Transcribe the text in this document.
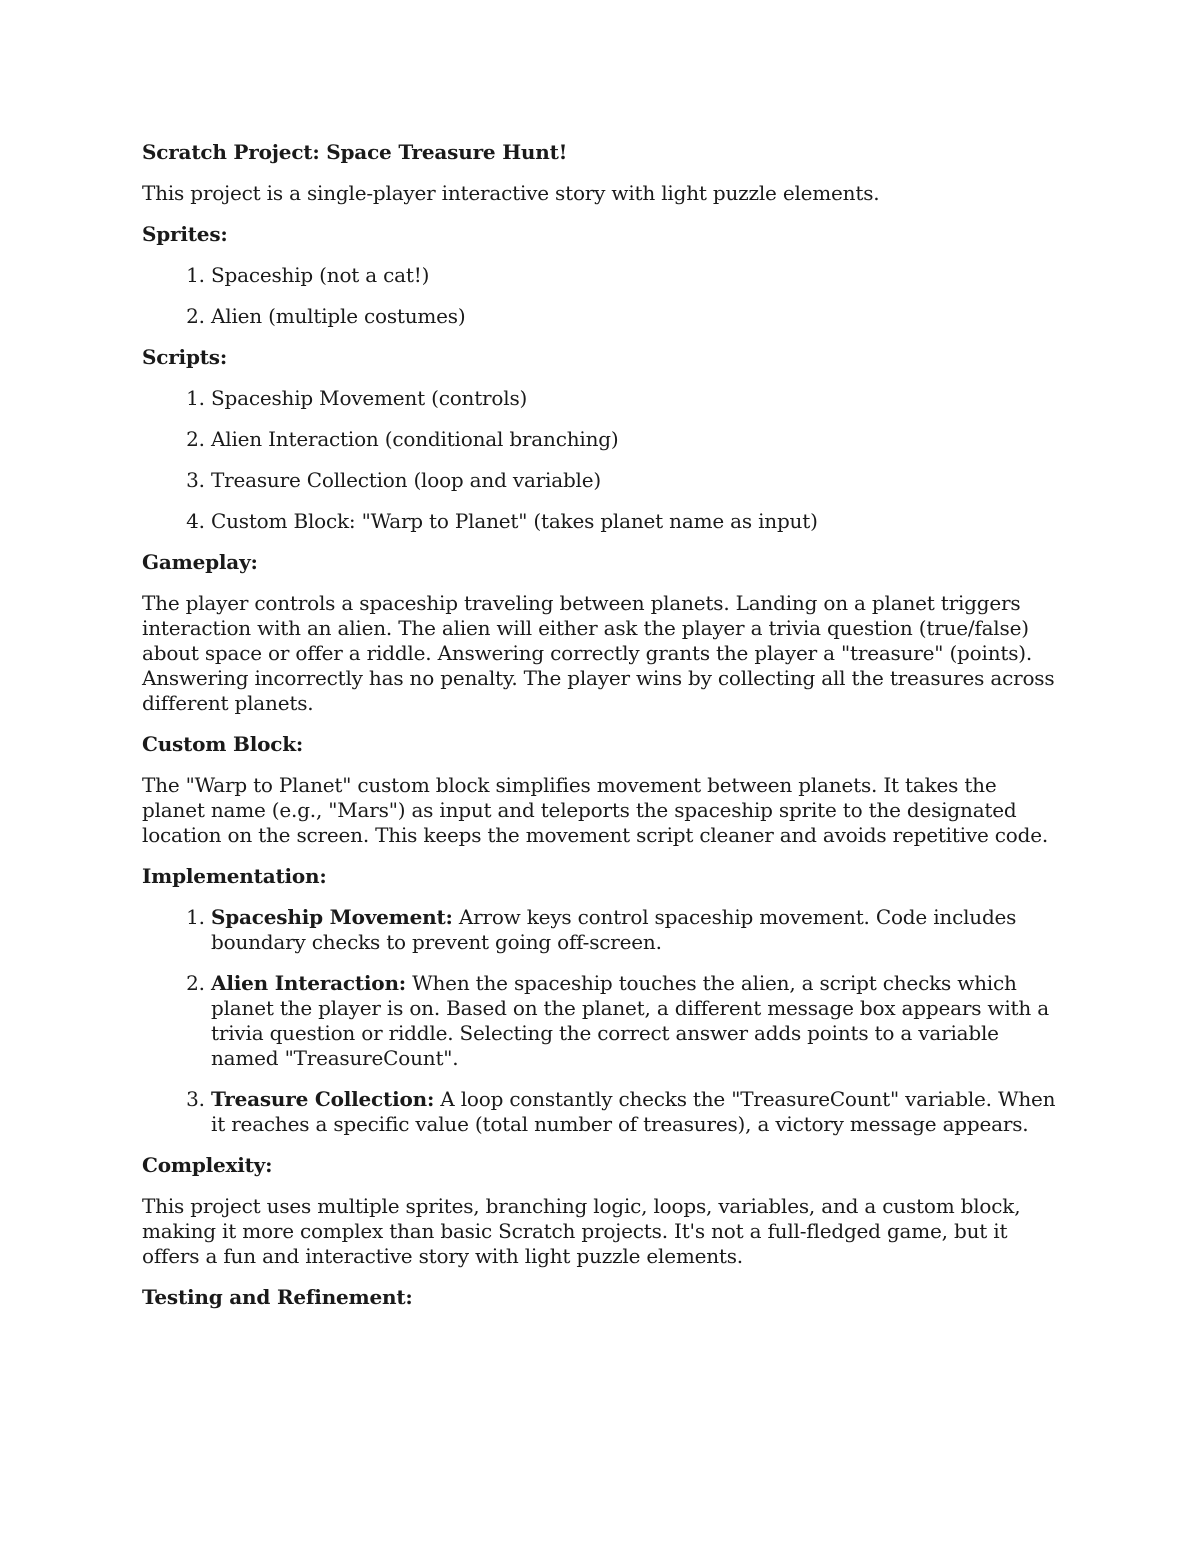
Scratch Project: Space Treasure Hunt!

This project is a single-player interactive story with light puzzle elements.

Sprites:

1. Spaceship (not a cat!)
2. Alien (multiple costumes)

Scripts:

1. Spaceship Movement (controls)
2. Alien Interaction (conditional branching)
3. Treasure Collection (loop and variable)
4. Custom Block: "Warp to Planet" (takes planet name as input)

Gameplay:

The player controls a spaceship traveling between planets. Landing on a planet triggers interaction with an alien. The alien will either ask the player a trivia question (true/false) about space or offer a riddle. Answering correctly grants the player a "treasure" (points). Answering incorrectly has no penalty. The player wins by collecting all the treasures across different planets.

Custom Block:

The "Warp to Planet" custom block simplifies movement between planets. It takes the planet name (e.g., "Mars") as input and teleports the spaceship sprite to the designated location on the screen. This keeps the movement script cleaner and avoids repetitive code.

Implementation:

1. Spaceship Movement: Arrow keys control spaceship movement. Code includes boundary checks to prevent going off-screen.
2. Alien Interaction: When the spaceship touches the alien, a script checks which planet the player is on. Based on the planet, a different message box appears with a trivia question or riddle. Selecting the correct answer adds points to a variable named "TreasureCount".
3. Treasure Collection: A loop constantly checks the "TreasureCount" variable. When it reaches a specific value (total number of treasures), a victory message appears.

Complexity:

This project uses multiple sprites, branching logic, loops, variables, and a custom block, making it more complex than basic Scratch projects. It's not a full-fledged game, but it offers a fun and interactive story with light puzzle elements.

Testing and Refinement:
